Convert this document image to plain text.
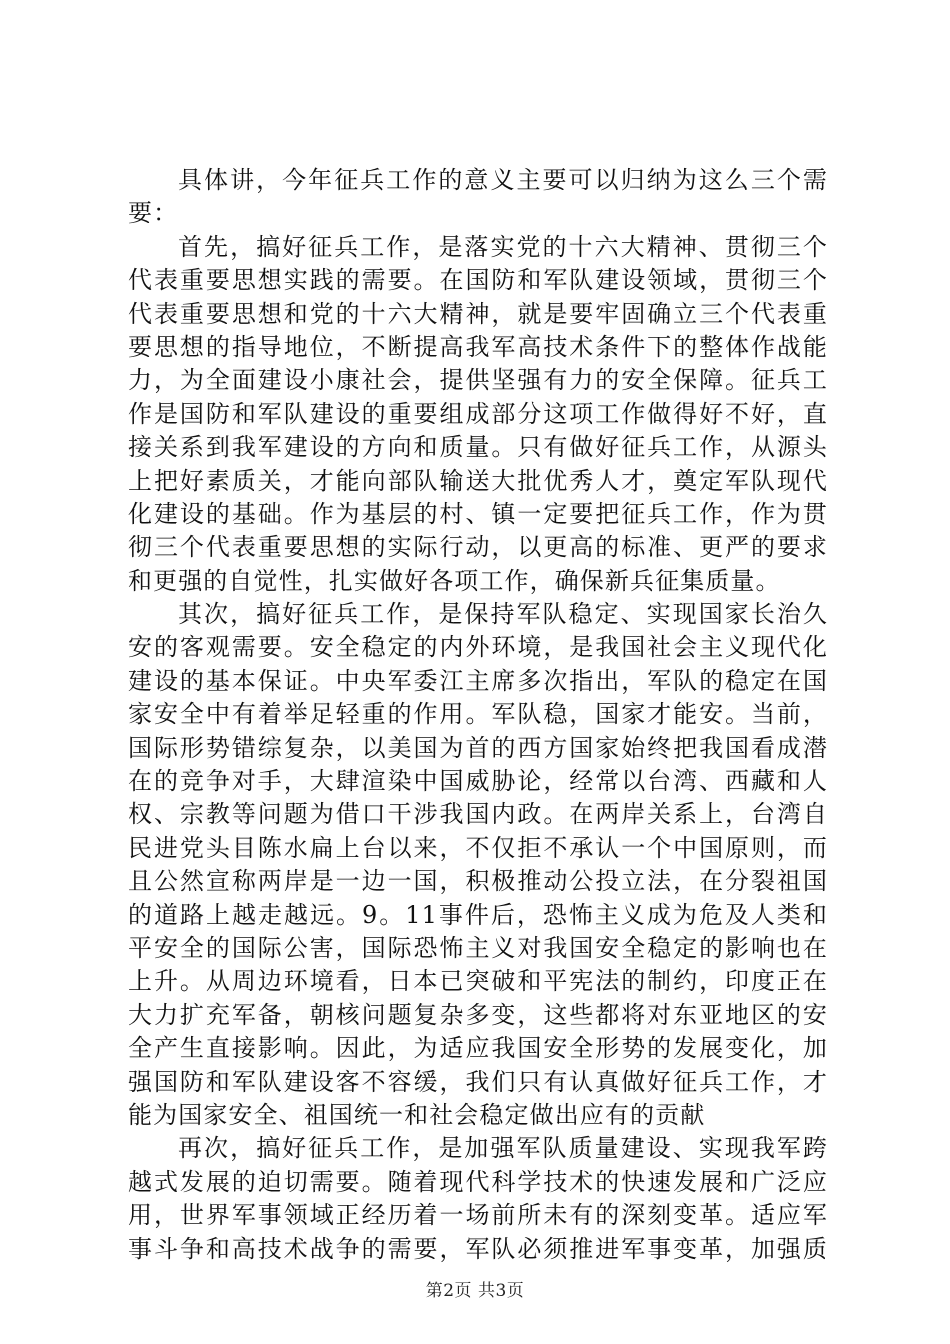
具体讲，今年征兵工作的意义主要可以归纳为这么三个需
要：
首先，搞好征兵工作，是落实党的十六大精神、贯彻三个
代表重要思想实践的需要。在国防和军队建设领域，贯彻三个
代表重要思想和党的十六大精神，就是要牢固确立三个代表重
要思想的指导地位，不断提高我军高技术条件下的整体作战能
力，为全面建设小康社会，提供坚强有力的安全保障。征兵工
作是国防和军队建设的重要组成部分这项工作做得好不好，直
接关系到我军建设的方向和质量。只有做好征兵工作，从源头
上把好素质关，才能向部队输送大批优秀人才，奠定军队现代
化建设的基础。作为基层的村、镇一定要把征兵工作，作为贯
彻三个代表重要思想的实际行动，以更高的标准、更严的要求
和更强的自觉性，扎实做好各项工作，确保新兵征集质量。
其次，搞好征兵工作，是保持军队稳定、实现国家长治久
安的客观需要。安全稳定的内外环境，是我国社会主义现代化
建设的基本保证。中央军委江主席多次指出，军队的稳定在国
家安全中有着举足轻重的作用。军队稳，国家才能安。当前，
国际形势错综复杂，以美国为首的西方国家始终把我国看成潜
在的竞争对手，大肆渲染中国威胁论，经常以台湾、西藏和人
权、宗教等问题为借口干涉我国内政。在两岸关系上，台湾自
民进党头目陈水扁上台以来，不仅拒不承认一个中国原则，而
且公然宣称两岸是一边一国，积极推动公投立法，在分裂祖国
的道路上越走越远。9。11事件后，恐怖主义成为危及人类和
平安全的国际公害，国际恐怖主义对我国安全稳定的影响也在
上升。从周边环境看，日本已突破和平宪法的制约，印度正在
大力扩充军备，朝核问题复杂多变，这些都将对东亚地区的安
全产生直接影响。因此，为适应我国安全形势的发展变化，加
强国防和军队建设客不容缓，我们只有认真做好征兵工作，才
能为国家安全、祖国统一和社会稳定做出应有的贡献
再次，搞好征兵工作，是加强军队质量建设、实现我军跨
越式发展的迫切需要。随着现代科学技术的快速发展和广泛应
用，世界军事领域正经历着一场前所未有的深刻变革。适应军
事斗争和高技术战争的需要，军队必须推进军事变革，加强质
第2页 共3页
